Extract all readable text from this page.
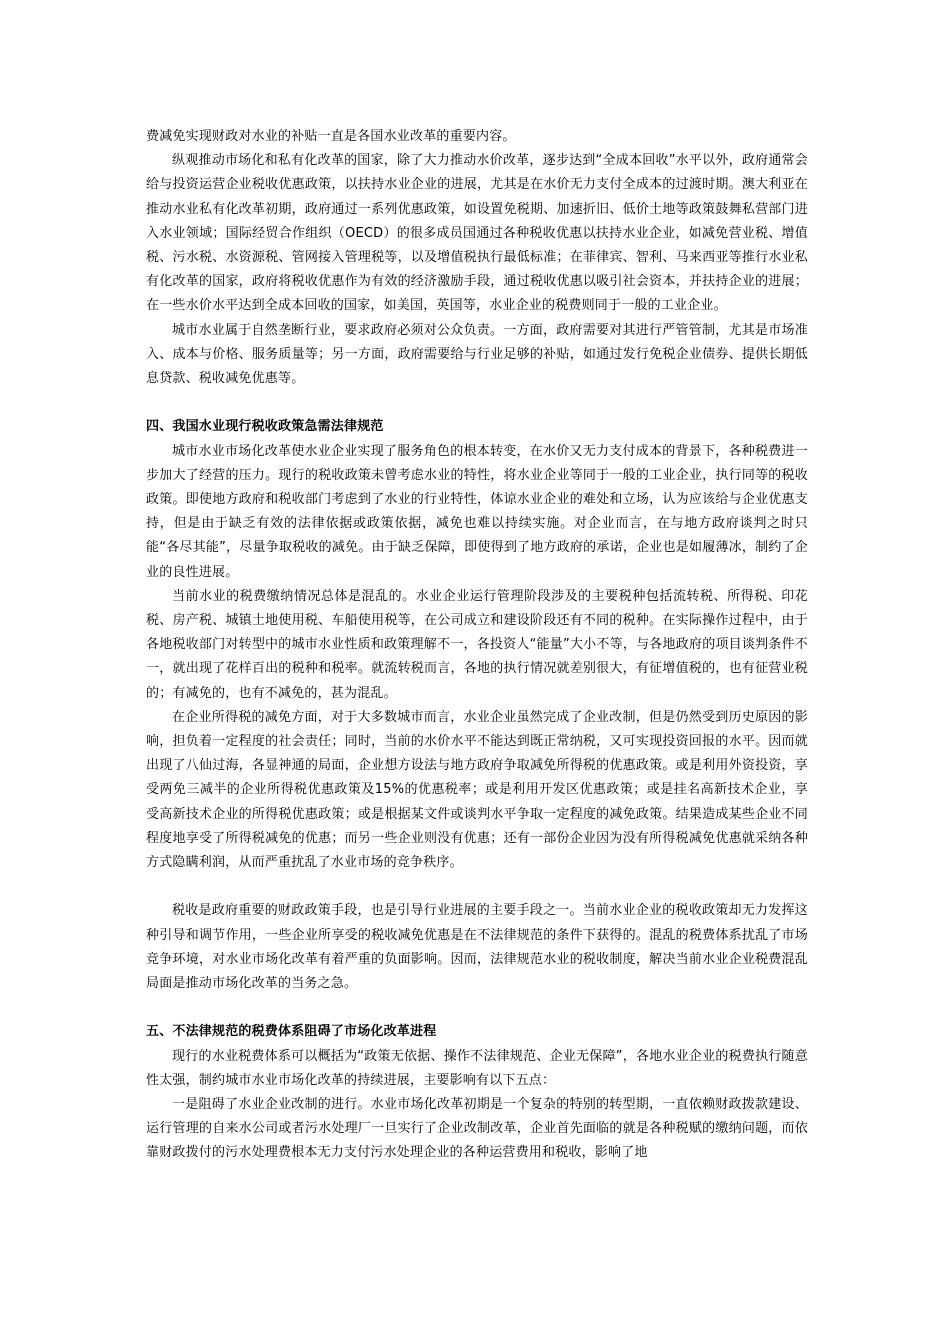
费减免实现财政对水业的补贴一直是各国水业改革的重要内容。

纵观推动市场化和私有化改革的国家，除了大力推动水价改革，逐步达到“全成本回收”水平以外，政府通常会给与投资运营企业税收优惠政策，以扶持水业企业的进展，尤其是在水价无力支付全成本的过渡时期。澳大利亚在推动水业私有化改革初期，政府通过一系列优惠政策，如设置免税期、加速折旧、低价土地等政策鼓舞私营部门进入水业领域；国际经贸合作组织（OECD）的很多成员国通过各种税收优惠以扶持水业企业，如减免营业税、增值税、污水税、水资源税、管网接入管理税等，以及增值税执行最低标准；在菲律宾、智利、马来西亚等推行水业私有化改革的国家，政府将税收优惠作为有效的经济激励手段，通过税收优惠以吸引社会资本，并扶持企业的进展；在一些水价水平达到全成本回收的国家，如美国，英国等，水业企业的税费则同于一般的工业企业。

城市水业属于自然垄断行业，要求政府必须对公众负责。一方面，政府需要对其进行严管管制，尤其是市场准入、成本与价格、服务质量等；另一方面，政府需要给与行业足够的补贴，如通过发行免税企业债券、提供长期低息贷款、税收减免优惠等。

四、我国水业现行税收政策急需法律规范

城市水业市场化改革使水业企业实现了服务角色的根本转变，在水价又无力支付成本的背景下，各种税费进一步加大了经营的压力。现行的税收政策未曾考虑水业的特性，将水业企业等同于一般的工业企业，执行同等的税收政策。即使地方政府和税收部门考虑到了水业的行业特性，体谅水业企业的难处和立场，认为应该给与企业优惠支持，但是由于缺乏有效的法律依据或政策依据，减免也难以持续实施。对企业而言，在与地方政府谈判之时只能“各尽其能”，尽量争取税收的减免。由于缺乏保障，即使得到了地方政府的承诺，企业也是如履薄冰，制约了企业的良性进展。

当前水业的税费缴纳情况总体是混乱的。水业企业运行管理阶段涉及的主要税种包括流转税、所得税、印花税、房产税、城镇土地使用税、车船使用税等，在公司成立和建设阶段还有不同的税种。在实际操作过程中，由于各地税收部门对转型中的城市水业性质和政策理解不一，各投资人“能量”大小不等，与各地政府的项目谈判条件不一，就出现了花样百出的税种和税率。就流转税而言，各地的执行情况就差别很大，有征增值税的，也有征营业税的；有减免的，也有不减免的，甚为混乱。

在企业所得税的减免方面，对于大多数城市而言，水业企业虽然完成了企业改制，但是仍然受到历史原因的影响，担负着一定程度的社会责任；同时，当前的水价水平不能达到既正常纳税，又可实现投资回报的水平。因而就出现了八仙过海，各显神通的局面，企业想方设法与地方政府争取减免所得税的优惠政策。或是利用外资投资，享受两免三减半的企业所得税优惠政策及15%的优惠税率；或是利用开发区优惠政策；或是挂名高新技术企业，享受高新技术企业的所得税优惠政策；或是根据某文件或谈判水平争取一定程度的减免政策。结果造成某些企业不同程度地享受了所得税减免的优惠；而另一些企业则没有优惠；还有一部份企业因为没有所得税减免优惠就采纳各种方式隐瞒利润，从而严重扰乱了水业市场的竞争秩序。

税收是政府重要的财政政策手段，也是引导行业进展的主要手段之一。当前水业企业的税收政策却无力发挥这种引导和调节作用，一些企业所享受的税收减免优惠是在不法律规范的条件下获得的。混乱的税费体系扰乱了市场竞争环境，对水业市场化改革有着严重的负面影响。因而，法律规范水业的税收制度，解决当前水业企业税费混乱局面是推动市场化改革的当务之急。

五、不法律规范的税费体系阻碍了市场化改革进程

现行的水业税费体系可以概括为“政策无依据、操作不法律规范、企业无保障”，各地水业企业的税费执行随意性太强，制约城市水业市场化改革的持续进展，主要影响有以下五点：

一是阻碍了水业企业改制的进行。水业市场化改革初期是一个复杂的特别的转型期，一直依赖财政拨款建设、运行管理的自来水公司或者污水处理厂一旦实行了企业改制改革，企业首先面临的就是各种税赋的缴纳问题，而依靠财政拨付的污水处理费根本无力支付污水处理企业的各种运营费用和税收，影响了地
